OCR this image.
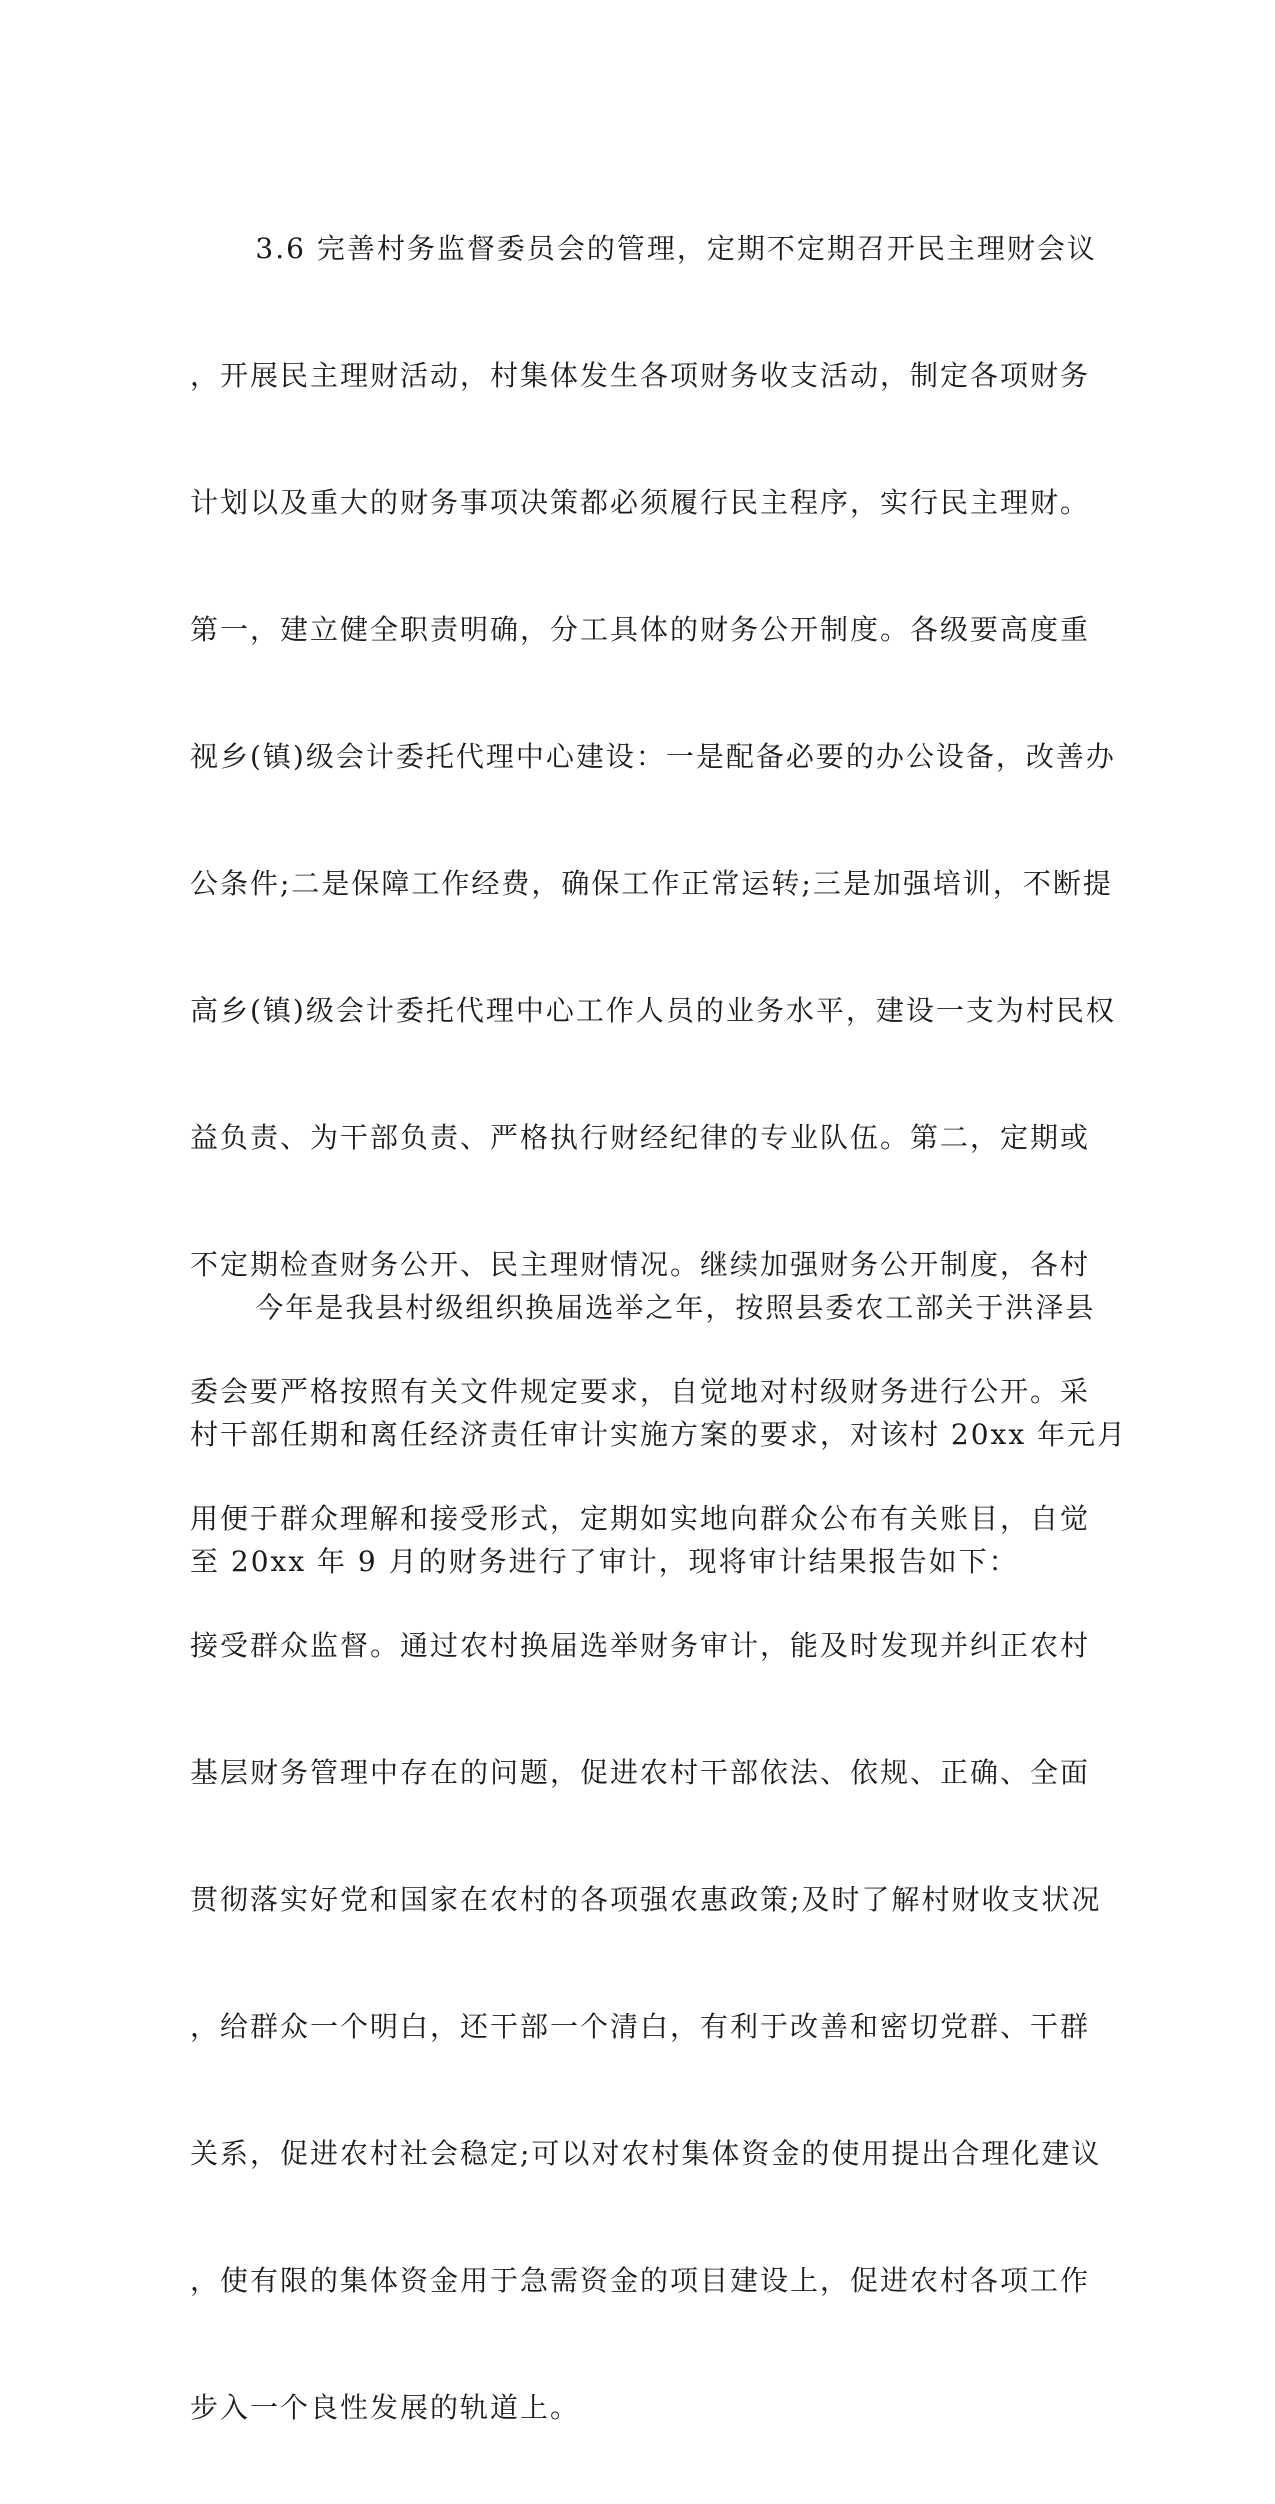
3.6 完善村务监督委员会的管理，定期不定期召开民主理财会议

，开展民主理财活动，村集体发生各项财务收支活动，制定各项财务

计划以及重大的财务事项决策都必须履行民主程序，实行民主理财。

第一，建立健全职责明确，分工具体的财务公开制度。各级要高度重

视乡(镇)级会计委托代理中心建设：一是配备必要的办公设备，改善办

公条件;二是保障工作经费，确保工作正常运转;三是加强培训，不断提

高乡(镇)级会计委托代理中心工作人员的业务水平，建设一支为村民权

益负责、为干部负责、严格执行财经纪律的专业队伍。第二，定期或

不定期检查财务公开、民主理财情况。继续加强财务公开制度，各村

委会要严格按照有关文件规定要求，自觉地对村级财务进行公开。采

用便于群众理解和接受形式，定期如实地向群众公布有关账目，自觉

接受群众监督。通过农村换届选举财务审计，能及时发现并纠正农村

基层财务管理中存在的问题，促进农村干部依法、依规、正确、全面

贯彻落实好党和国家在农村的各项强农惠政策;及时了解村财收支状况

，给群众一个明白，还干部一个清白，有利于改善和密切党群、干群

关系，促进农村社会稳定;可以对农村集体资金的使用提出合理化建议

，使有限的集体资金用于急需资金的项目建设上，促进农村各项工作

步入一个良性发展的轨道上。

今年是我县村级组织换届选举之年，按照县委农工部关于洪泽县

村干部任期和离任经济责任审计实施方案的要求，对该村 20xx 年元月

至 20xx 年 9 月的财务进行了审计，现将审计结果报告如下：
